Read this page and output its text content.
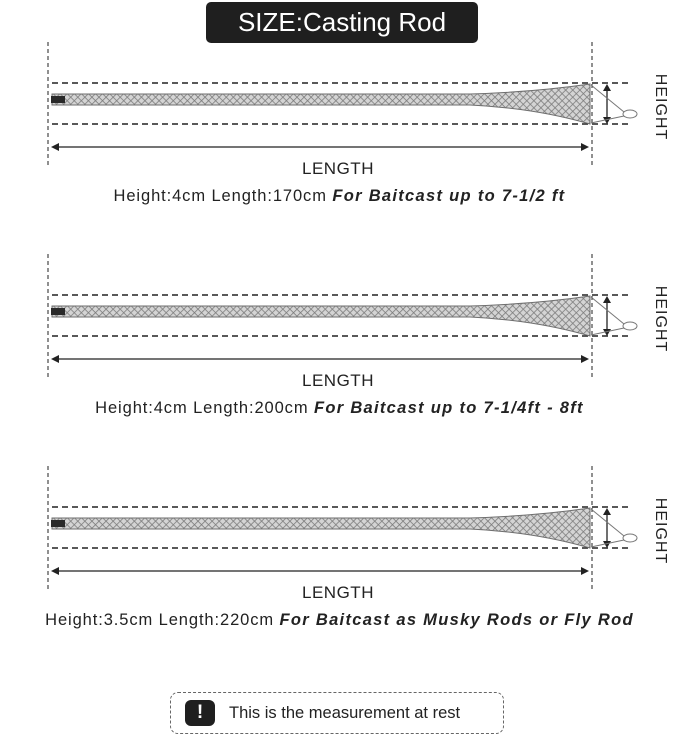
SIZE:Casting Rod
HEIGHT
LENGTH
Height:4cm Length:170cm For Baitcast up to 7-1/2 ft
HEIGHT
LENGTH
Height:4cm Length:200cm For Baitcast up to 7-1/4ft - 8ft
HEIGHT
LENGTH
Height:3.5cm Length:220cm For Baitcast as Musky Rods or Fly Rod
!	This is the measurement at rest
